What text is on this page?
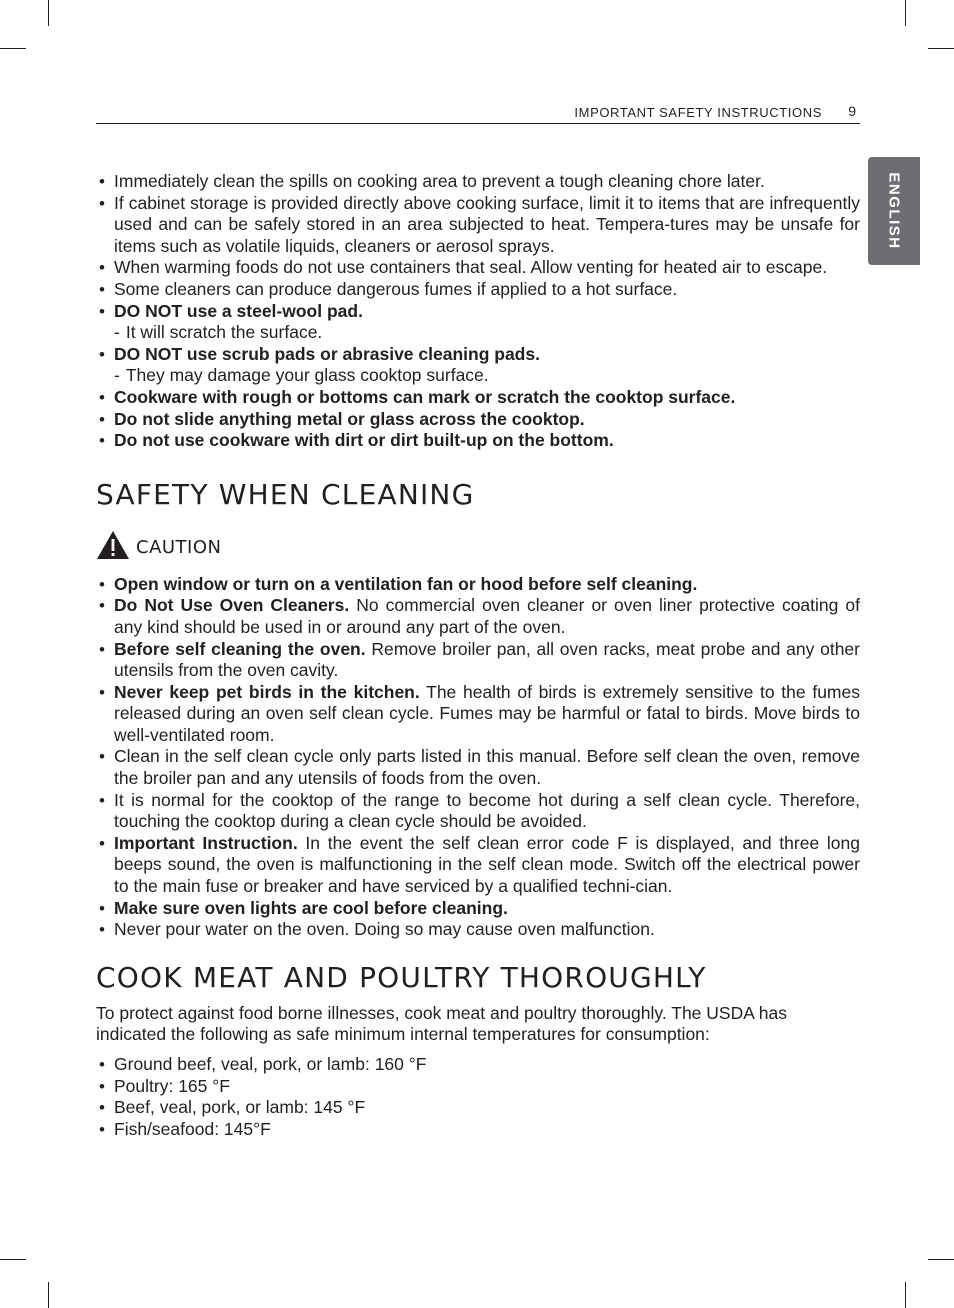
IMPORTANT SAFETY INSTRUCTIONS 9
ENGLISH
• Immediately clean the spills on cooking area to prevent a tough cleaning chore later.
• If cabinet storage is provided directly above cooking surface, limit it to items that are infrequently used and can be safely stored in an area subjected to heat. Tempera-tures may be unsafe for items such as volatile liquids, cleaners or aerosol sprays.
• When warming foods do not use containers that seal. Allow venting for heated air to escape.
• Some cleaners can produce dangerous fumes if applied to a hot surface.
• DO NOT use a steel-wool pad.
- It will scratch the surface.
• DO NOT use scrub pads or abrasive cleaning pads.
- They may damage your glass cooktop surface.
• Cookware with rough or bottoms can mark or scratch the cooktop surface.
• Do not slide anything metal or glass across the cooktop.
• Do not use cookware with dirt or dirt built-up on the bottom.
SAFETY WHEN CLEANING
CAUTION
• Open window or turn on a ventilation fan or hood before self cleaning.
• Do Not Use Oven Cleaners. No commercial oven cleaner or oven liner protective coating of any kind should be used in or around any part of the oven.
• Before self cleaning the oven. Remove broiler pan, all oven racks, meat probe and any other utensils from the oven cavity.
• Never keep pet birds in the kitchen. The health of birds is extremely sensitive to the fumes released during an oven self clean cycle. Fumes may be harmful or fatal to birds. Move birds to well-ventilated room.
• Clean in the self clean cycle only parts listed in this manual. Before self clean the oven, remove the broiler pan and any utensils of foods from the oven.
• It is normal for the cooktop of the range to become hot during a self clean cycle. Therefore, touching the cooktop during a clean cycle should be avoided.
• Important Instruction. In the event the self clean error code F is displayed, and three long beeps sound, the oven is malfunctioning in the self clean mode. Switch off the electrical power to the main fuse or breaker and have serviced by a qualified techni-cian.
• Make sure oven lights are cool before cleaning.
• Never pour water on the oven. Doing so may cause oven malfunction.
COOK MEAT AND POULTRY THOROUGHLY

To protect against food borne illnesses, cook meat and poultry thoroughly. The USDA has indicated the following as safe minimum internal temperatures for consumption:

• Ground beef, veal, pork, or lamb: 160 °F
• Poultry: 165 °F
• Beef, veal, pork, or lamb: 145 °F
• Fish/seafood: 145°F
